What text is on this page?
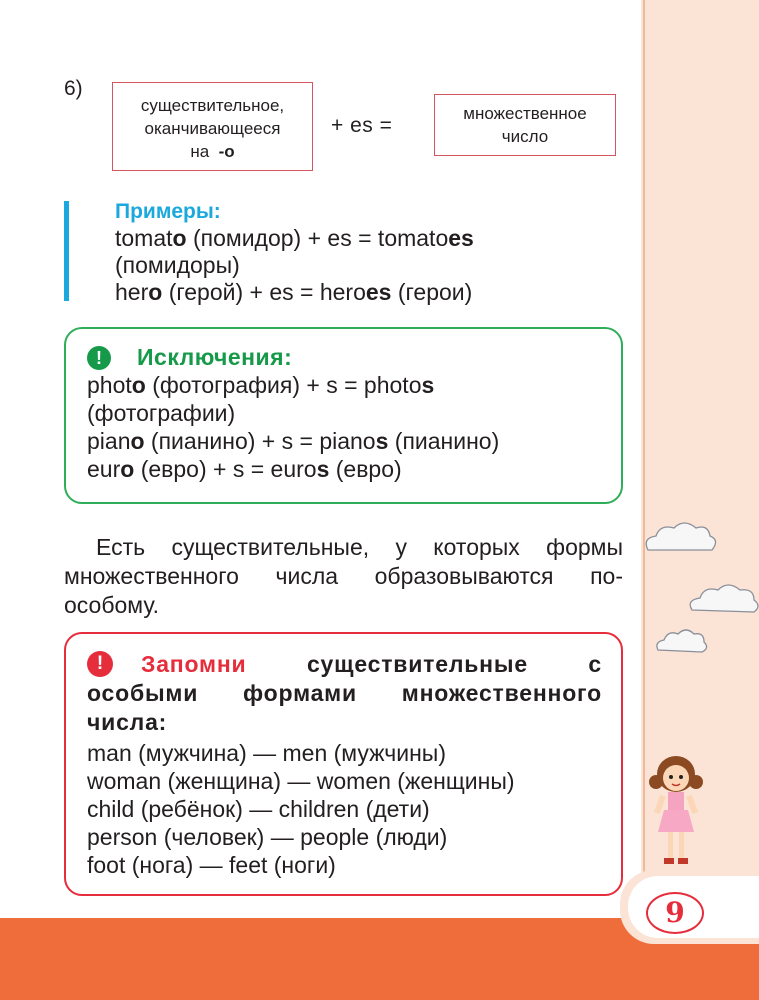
9
6)
существительное,
оканчивающееся
на -o
+ es =
множественное
число
Примеры:
tomato (помидор) + es = tomatoes
(помидоры)
hero (герой) + es = heroes (герои)
!	Исключения:
photo (фотография) + s = photos
(фотографии)
piano (пианино) + s = pianos (пианино)
euro (евро) + s = euros (евро)
Есть существительные, у которых формы множественного числа образовываются по-особому.
!	Запомни	существительные с особыми формами множественного числа:
man (мужчина) — men (мужчины)
woman (женщина) — women (женщины)
child (ребёнок) — children (дети)
person (человек) — people (люди)
foot (нога) — feet (ноги)
